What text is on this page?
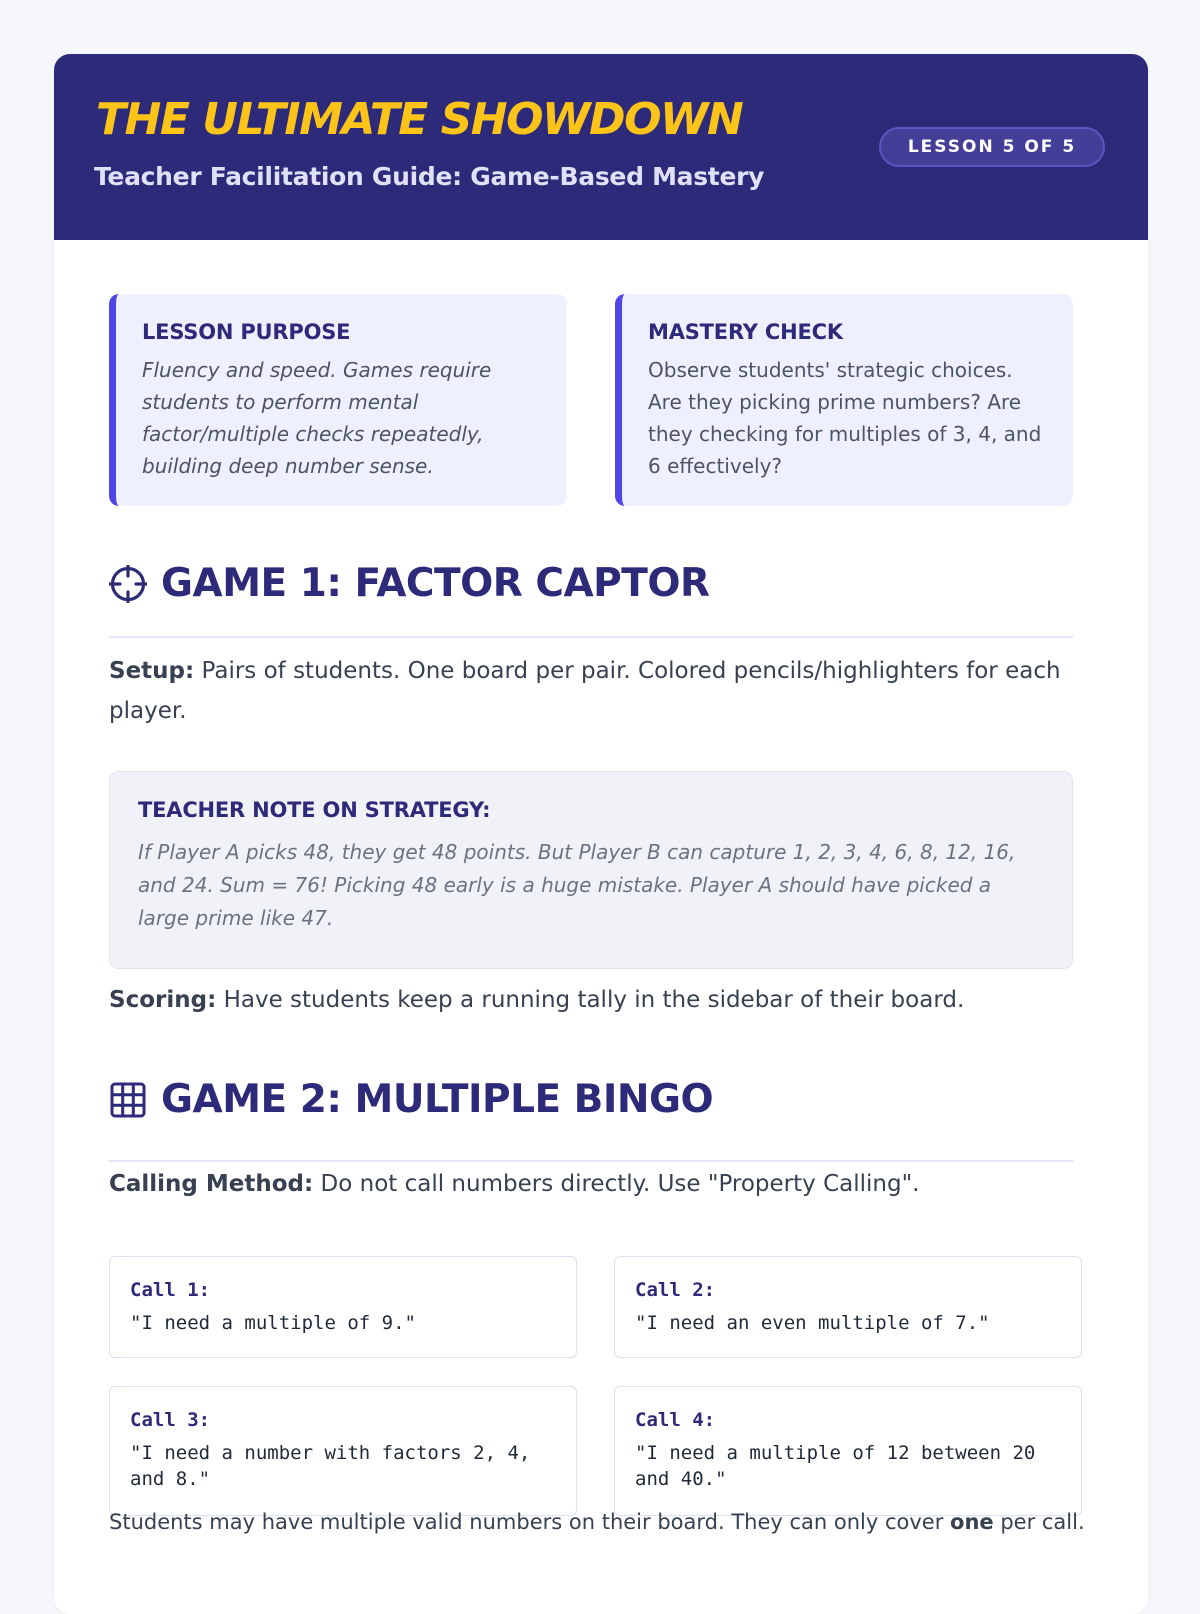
THE ULTIMATE SHOWDOWN
Teacher Facilitation Guide: Game-Based Mastery
LESSON 5 OF 5
LESSON PURPOSE
Fluency and speed. Games require students to perform mental factor/multiple checks repeatedly, building deep number sense.
MASTERY CHECK
Observe students' strategic choices. Are they picking prime numbers? Are they checking for multiples of 3, 4, and 6 effectively?
GAME 1: FACTOR CAPTOR
Setup: Pairs of students. One board per pair. Colored pencils/highlighters for each player.
TEACHER NOTE ON STRATEGY:
If Player A picks 48, they get 48 points. But Player B can capture 1, 2, 3, 4, 6, 8, 12, 16, and 24. Sum = 76! Picking 48 early is a huge mistake. Player A should have picked a large prime like 47.
Scoring: Have students keep a running tally in the sidebar of their board.
GAME 2: MULTIPLE BINGO
Calling Method: Do not call numbers directly. Use "Property Calling".
Call 1:
"I need a multiple of 9."
Call 2:
"I need an even multiple of 7."
Call 3:
"I need a number with factors 2, 4, and 8."
Call 4:
"I need a multiple of 12 between 20 and 40."
Students may have multiple valid numbers on their board. They can only cover one per call.
